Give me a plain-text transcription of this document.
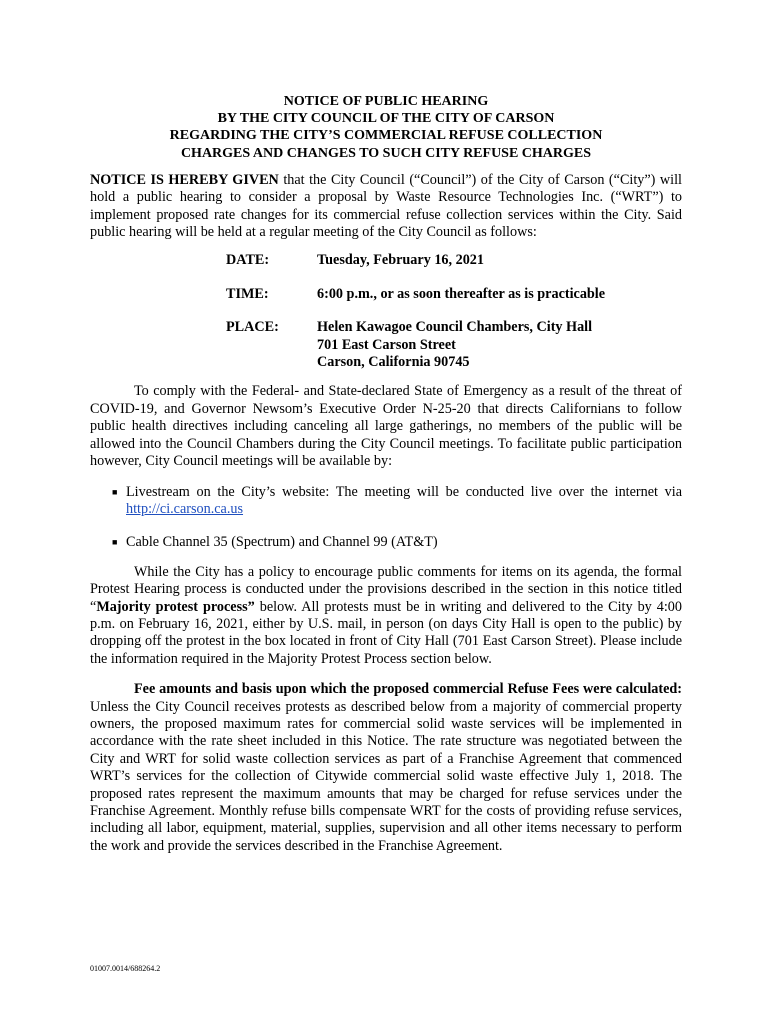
NOTICE OF PUBLIC HEARING
BY THE CITY COUNCIL OF THE CITY OF CARSON
REGARDING THE CITY’S COMMERCIAL REFUSE COLLECTION
CHARGES AND CHANGES TO SUCH CITY REFUSE CHARGES

NOTICE IS HEREBY GIVEN that the City Council (“Council”) of the City of Carson (“City”) will hold a public hearing to consider a proposal by Waste Resource Technologies Inc. (“WRT”) to implement proposed rate changes for its commercial refuse collection services within the City. Said public hearing will be held at a regular meeting of the City Council as follows:

DATE:	Tuesday, February 16, 2021
TIME:	6:00 p.m., or as soon thereafter as is practicable
PLACE:	Helen Kawagoe Council Chambers, City Hall
701 East Carson Street
Carson, California 90745

To comply with the Federal- and State-declared State of Emergency as a result of the threat of COVID-19, and Governor Newsom’s Executive Order N-25-20 that directs Californians to follow public health directives including canceling all large gatherings, no members of the public will be allowed into the Council Chambers during the City Council meetings. To facilitate public participation however, City Council meetings will be available by:

■ Livestream on the City’s website: The meeting will be conducted live over the internet via http://ci.carson.ca.us
■ Cable Channel 35 (Spectrum) and Channel 99 (AT&T)

While the City has a policy to encourage public comments for items on its agenda, the formal Protest Hearing process is conducted under the provisions described in the section in this notice titled “Majority protest process” below. All protests must be in writing and delivered to the City by 4:00 p.m. on February 16, 2021, either by U.S. mail, in person (on days City Hall is open to the public) by dropping off the protest in the box located in front of City Hall (701 East Carson Street). Please include the information required in the Majority Protest Process section below.

Fee amounts and basis upon which the proposed commercial Refuse Fees were calculated: Unless the City Council receives protests as described below from a majority of commercial property owners, the proposed maximum rates for commercial solid waste services will be implemented in accordance with the rate sheet included in this Notice. The rate structure was negotiated between the City and WRT for solid waste collection services as part of a Franchise Agreement that commenced WRT’s services for the collection of Citywide commercial solid waste effective July 1, 2018. The proposed rates represent the maximum amounts that may be charged for refuse services under the Franchise Agreement. Monthly refuse bills compensate WRT for the costs of providing refuse services, including all labor, equipment, material, supplies, supervision and all other items necessary to perform the work and provide the services described in the Franchise Agreement.

01007.0014/688264.2
